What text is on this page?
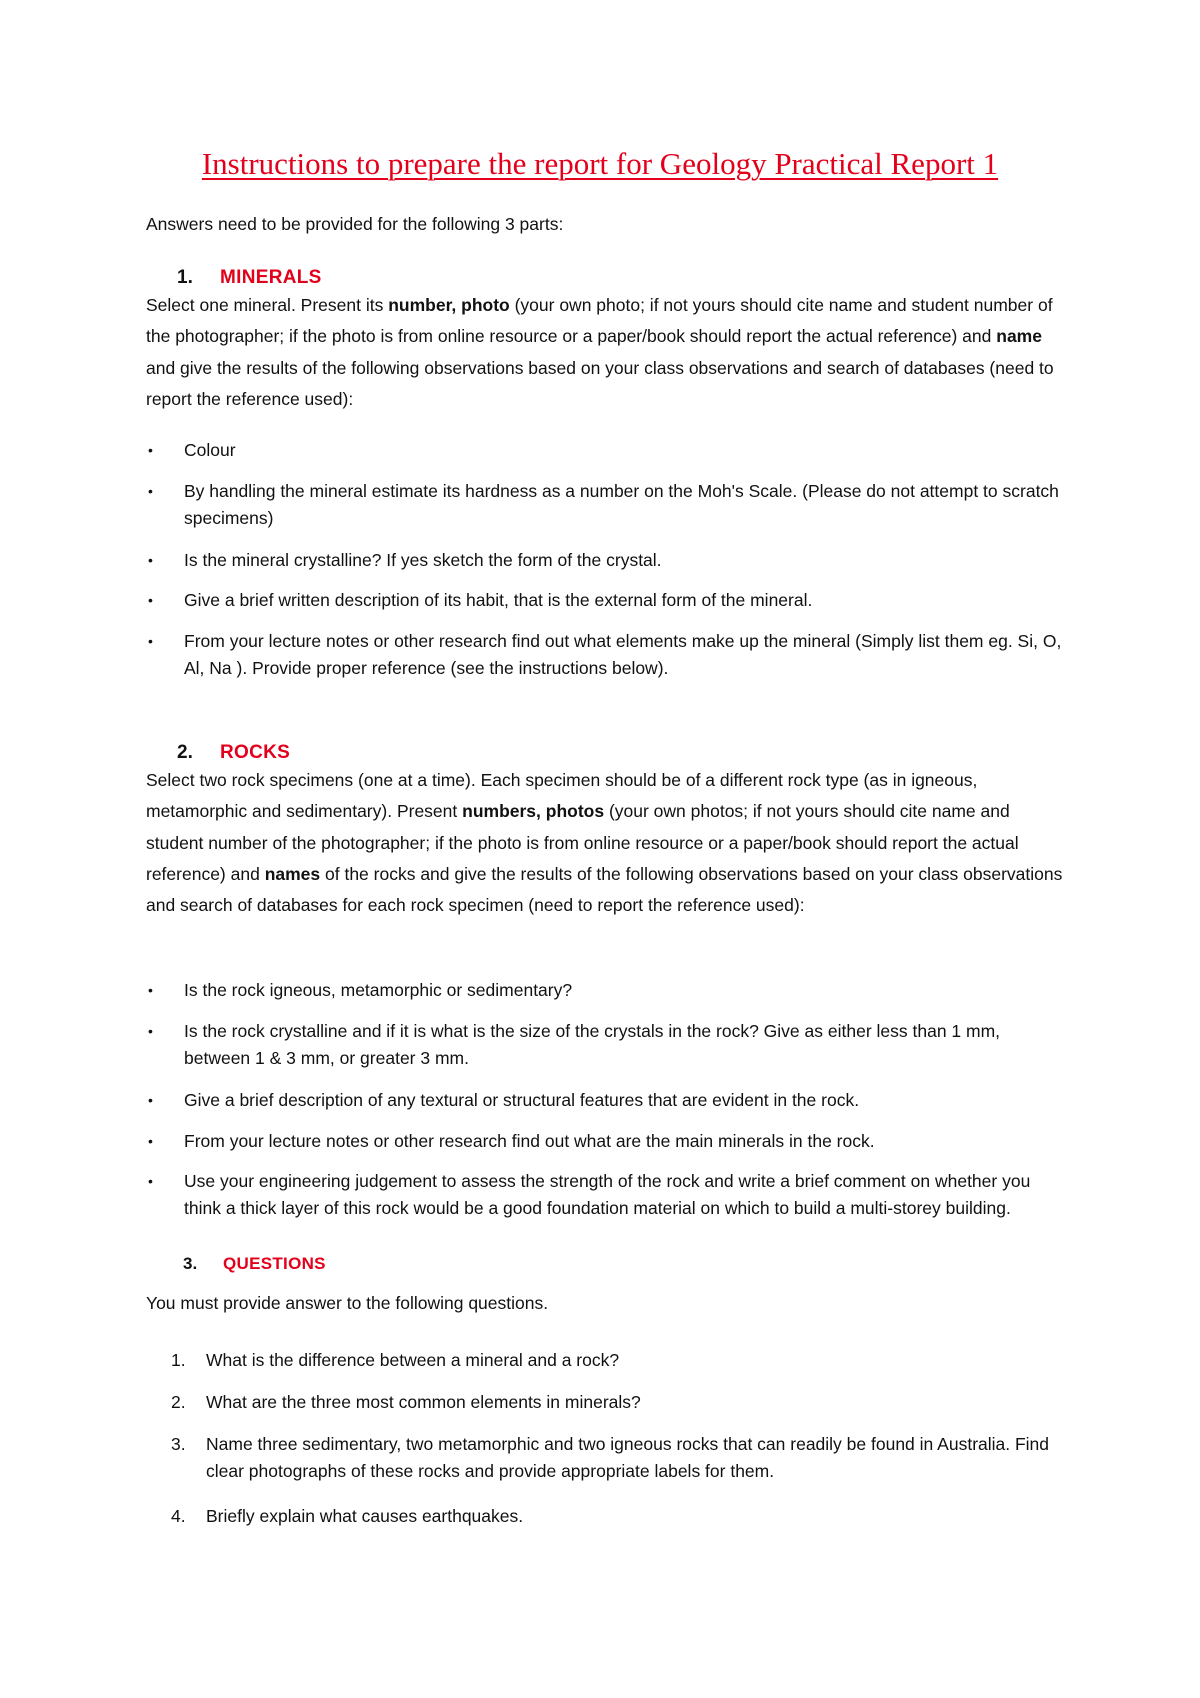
Instructions to prepare the report for Geology Practical Report 1
Answers need to be provided for the following 3 parts:
1.	MINERALS
Select one mineral. Present its number, photo (your own photo; if not yours should cite name and student number of the photographer; if the photo is from online resource or a paper/book should report the actual reference) and name and give the results of the following observations based on your class observations and search of databases (need to report the reference used):
• Colour
• By handling the mineral estimate its hardness as a number on the Moh's Scale. (Please do not attempt to scratch specimens)
• Is the mineral crystalline? If yes sketch the form of the crystal.
• Give a brief written description of its habit, that is the external form of the mineral.
• From your lecture notes or other research find out what elements make up the mineral (Simply list them eg. Si, O, Al, Na ). Provide proper reference (see the instructions below).
2.	ROCKS
Select two rock specimens (one at a time). Each specimen should be of a different rock type (as in igneous, metamorphic and sedimentary). Present numbers, photos (your own photos; if not yours should cite name and student number of the photographer; if the photo is from online resource or a paper/book should report the actual reference) and names of the rocks and give the results of the following observations based on your class observations and search of databases for each rock specimen (need to report the reference used):
• Is the rock igneous, metamorphic or sedimentary?
• Is the rock crystalline and if it is what is the size of the crystals in the rock? Give as either less than 1 mm, between 1 & 3 mm, or greater 3 mm.
• Give a brief description of any textural or structural features that are evident in the rock.
• From your lecture notes or other research find out what are the main minerals in the rock.
• Use your engineering judgement to assess the strength of the rock and write a brief comment on whether you think a thick layer of this rock would be a good foundation material on which to build a multi-storey building.
3.	QUESTIONS
You must provide answer to the following questions.
1. What is the difference between a mineral and a rock?
2. What are the three most common elements in minerals?
3. Name three sedimentary, two metamorphic and two igneous rocks that can readily be found in Australia. Find clear photographs of these rocks and provide appropriate labels for them.
4. Briefly explain what causes earthquakes.
